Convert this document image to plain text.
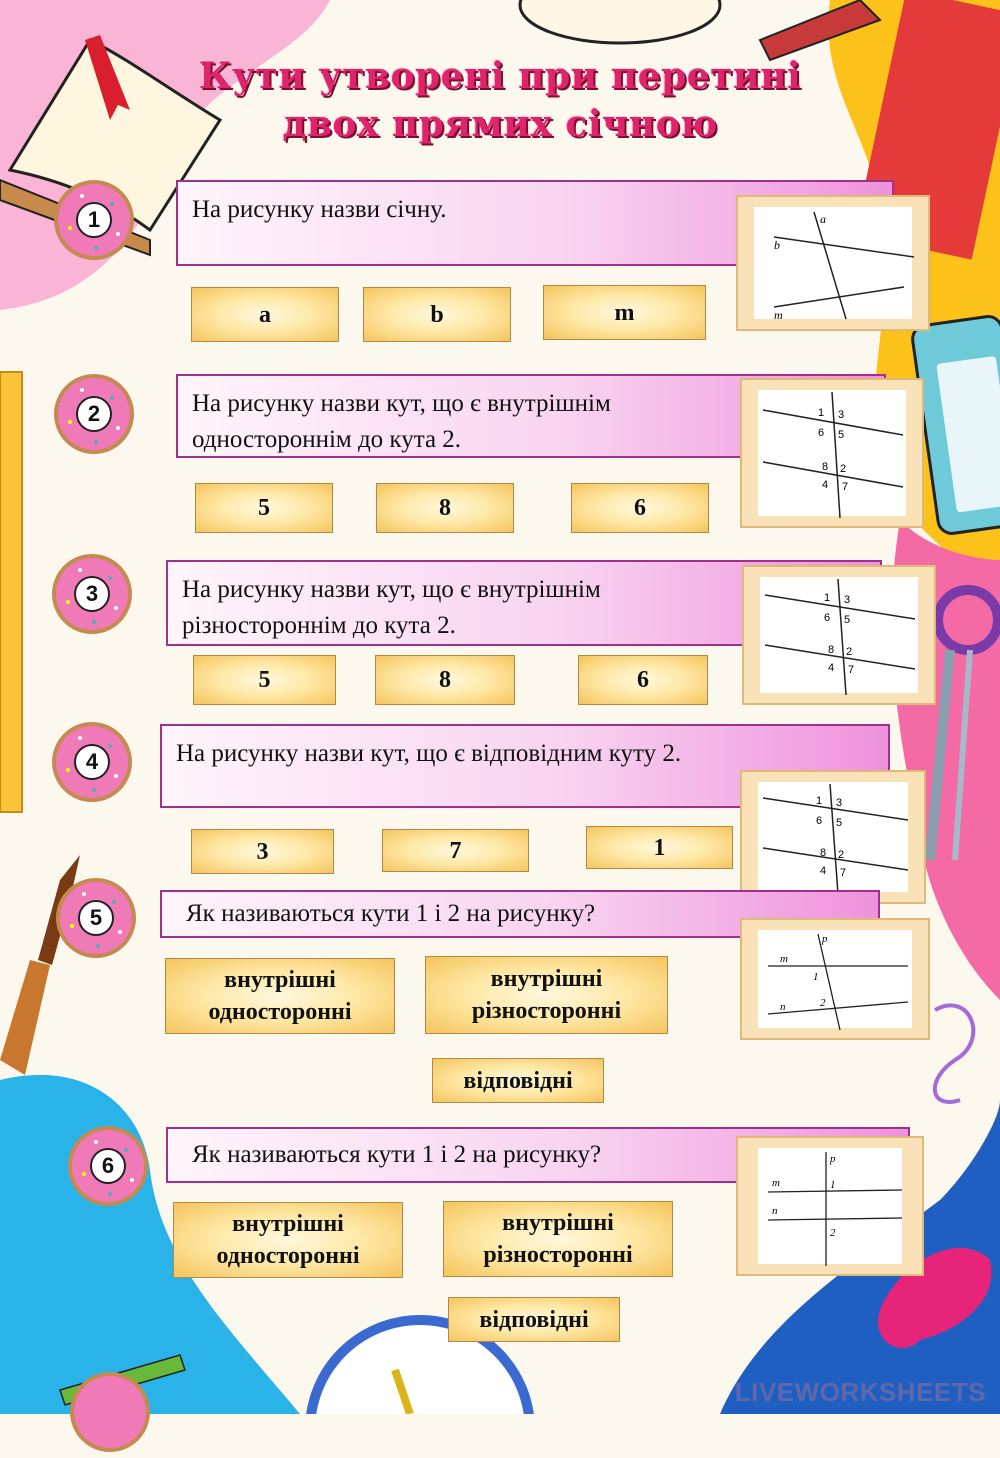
Кути утворені при перетині
двох прямих січною
1
2
3
4
5
6
На рисунку назви січну.
a	b	m
a
b
m
На рисунку назви кут, що є внутрішнім одностороннім до кута 2.
5	8	6
1 3
6 5
8 2
4 7
На рисунку назви кут, що є внутрішнім різностороннім до кута 2.
5	8	6
1 3
6 5
8 2
4 7
На рисунку назви кут, що є відповідним куту 2.
3	7	1
1 3
6 5
8 2
4 7
Як називаються кути 1 і 2 на рисунку?
внутрішні односторонні
внутрішні різносторонні
відповідні
p
m
1
n	2
Як називаються кути 1 і 2 на рисунку?
внутрішні односторонні
внутрішні різносторонні
відповідні
p
m	1
n
2
LIVEWORKSHEETS
